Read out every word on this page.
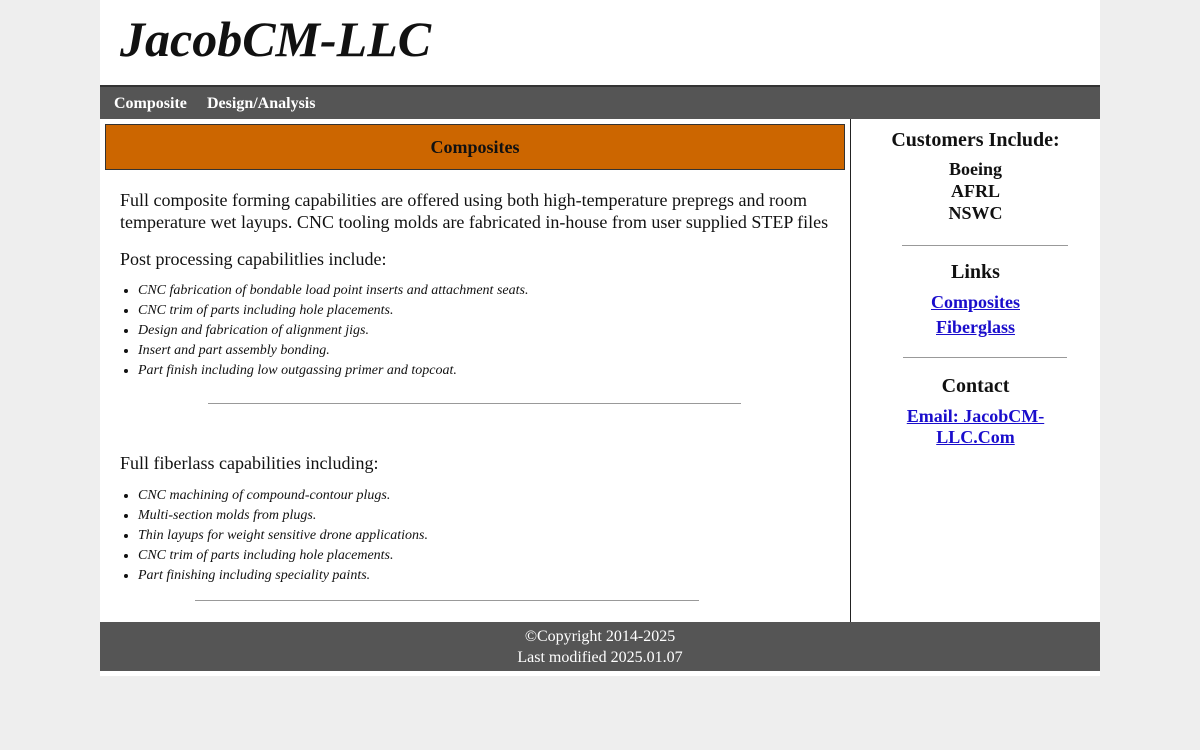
JacobCM-LLC
Composite Design/Analysis
Composites

Full composite forming capabilities are offered using both high-temperature prepregs and room temperature wet layups. CNC tooling molds are fabricated in-house from user supplied STEP files

Post processing capabilitlies include:

• CNC fabrication of bondable load point inserts and attachment seats.
• CNC trim of parts including hole placements.
• Design and fabrication of alignment jigs.
• Insert and part assembly bonding.
• Part finish including low outgassing primer and topcoat.

Full fiberlass capabilities including:

• CNC machining of compound-contour plugs.
• Multi-section molds from plugs.
• Thin layups for weight sensitive drone applications.
• CNC trim of parts including hole placements.
• Part finishing including speciality paints.
Customers Include:
Boeing
AFRL
NSWC
Links
Composites
Fiberglass
Contact
Email: JacobCM-
LLC.Com
©Copyright 2014-2025
Last modified 2025.01.07
